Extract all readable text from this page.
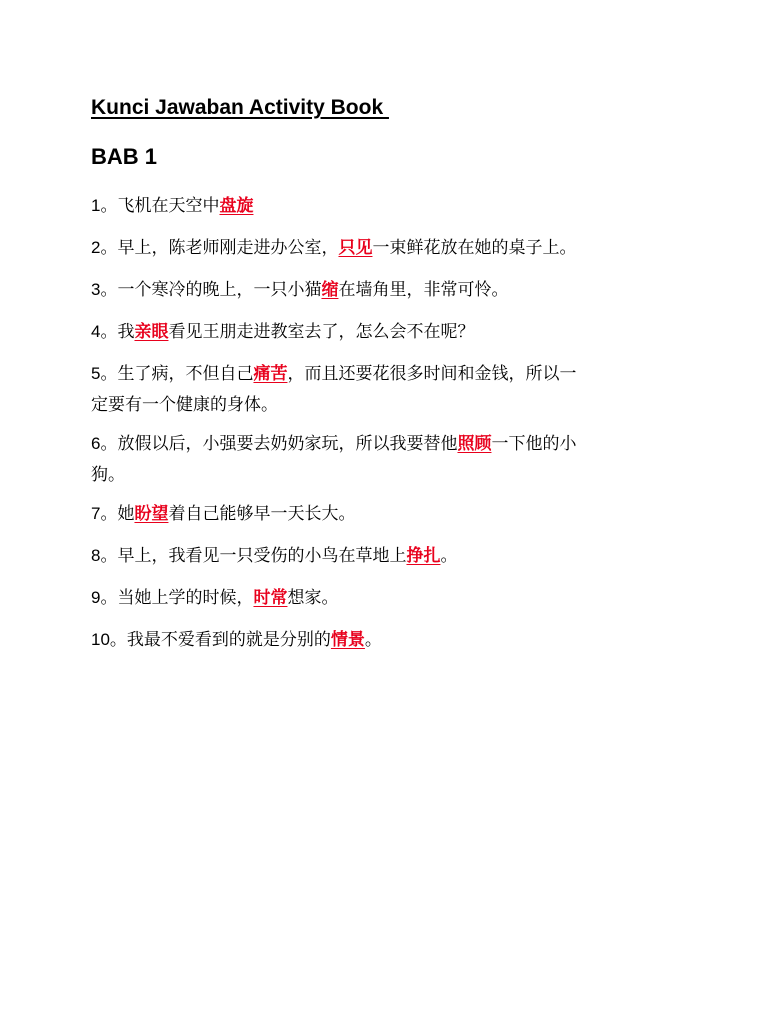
Kunci Jawaban Activity Book
BAB 1
1。飞机在天空中盘旋
2。早上，陈老师刚走进办公室，只见一束鲜花放在她的桌子上。
3。一个寒冷的晚上，一只小猫缩在墙角里，非常可怜。
4。我亲眼看见王朋走进教室去了，怎么会不在呢？
5。生了病，不但自己痛苦，而且还要花很多时间和金钱，所以一
定要有一个健康的身体。
6。放假以后，小强要去奶奶家玩，所以我要替他照顾一下他的小
狗。
7。她盼望着自己能够早一天长大。
8。早上，我看见一只受伤的小鸟在草地上挣扎。
9。当她上学的时候，时常想家。
10。我最不爱看到的就是分别的情景。
